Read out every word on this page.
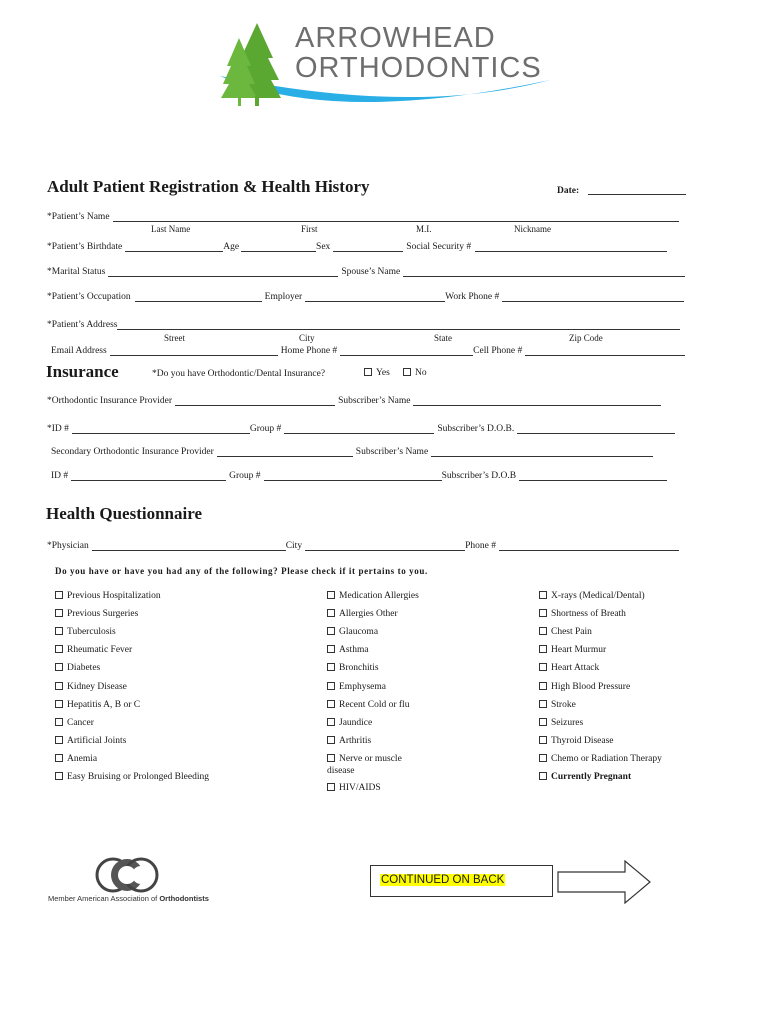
ARROWHEAD
ORTHODONTICS
Adult Patient Registration & Health History	Date:
*Patient’s Name
Last Name	First	M.I.	Nickname
*Patient’s Birthdate	Age	Sex	Social Security #
*Marital Status	Spouse’s Name
*Patient’s Occupation	Employer	Work Phone #
*Patient’s Address
Street	City	State	Zip Code
Email Address	Home Phone #	Cell Phone #
Insurance	*Do you have Orthodontic/Dental Insurance?	Yes	No
*Orthodontic Insurance Provider	Subscriber’s Name
*ID #	Group #	Subscriber’s D.O.B.
Secondary Orthodontic Insurance Provider	Subscriber’s Name
ID #	Group #	Subscriber’s D.O.B
Health Questionnaire
*Physician	City	Phone #
Do you have or have you had any of the following? Please check if it pertains to you.
Previous Hospitalization
Previous Surgeries
Tuberculosis
Rheumatic Fever
Diabetes
Kidney Disease
Hepatitis A, B or C
Cancer
Artificial Joints
Anemia
Easy Bruising or Prolonged Bleeding
Medication Allergies
Allergies Other
Glaucoma
Asthma
Bronchitis
Emphysema
Recent Cold or flu
Jaundice
Arthritis
Nerve or muscle
HIV/AIDS
X-rays (Medical/Dental)
Shortness of Breath
Chest Pain
Heart Murmur
Heart Attack
High Blood Pressure
Stroke
Seizures
Thyroid Disease
Chemo or Radiation Therapy
Currently Pregnant
disease
CONTINUED ON BACK
Member American Association of Orthodontists
